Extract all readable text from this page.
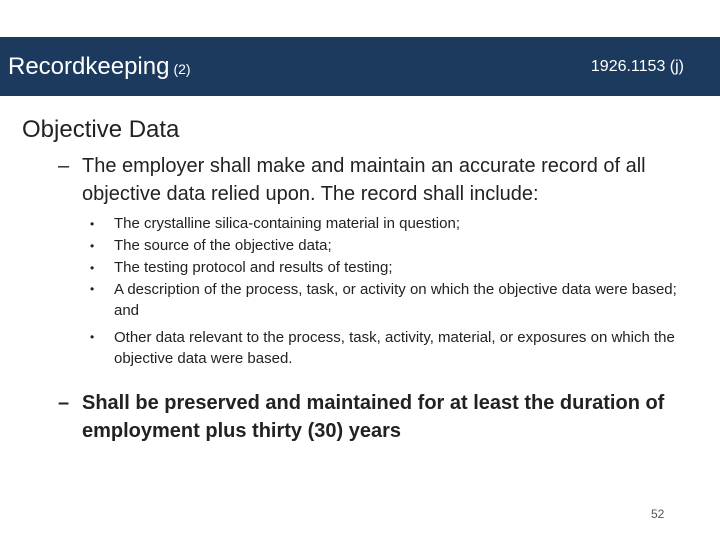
Recordkeeping (2)	1926.1153 (j)
Objective Data
– The employer shall make and maintain an accurate record of all objective data relied upon. The record shall include:
•	The crystalline silica-containing material in question;
•	The source of the objective data;
•	The testing protocol and results of testing;
•	A description of the process, task, or activity on which the objective data were based; and
•	Other data relevant to the process, task, activity, material, or exposures on which the objective data were based.
– Shall be preserved and maintained for at least the duration of employment plus thirty (30) years
52
